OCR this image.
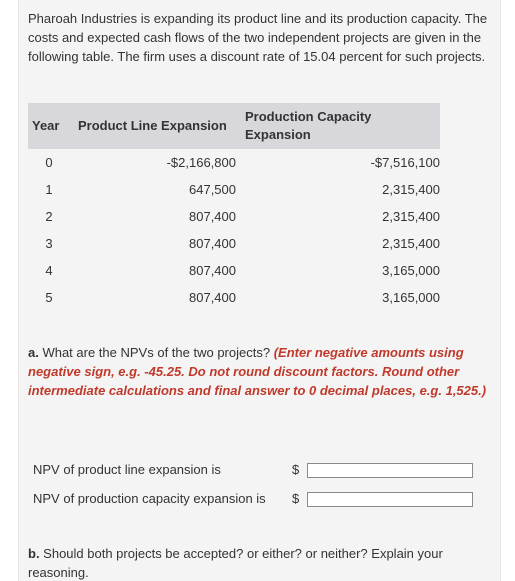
Pharoah Industries is expanding its product line and its production capacity. The costs and expected cash flows of the two independent projects are given in the following table. The firm uses a discount rate of 15.04 percent for such projects.
Year	Product Line Expansion	Production Capacity Expansion
0	-$2,166,800	-$7,516,100
1	647,500	2,315,400
2	807,400	2,315,400
3	807,400	2,315,400
4	807,400	3,165,000
5	807,400	3,165,000
a. What are the NPVs of the two projects? (Enter negative amounts using negative sign, e.g. -45.25. Do not round discount factors. Round other intermediate calculations and final answer to 0 decimal places, e.g. 1,525.)
NPV of product line expansion is	$
NPV of production capacity expansion is $
b. Should both projects be accepted? or either? or neither? Explain your reasoning.
